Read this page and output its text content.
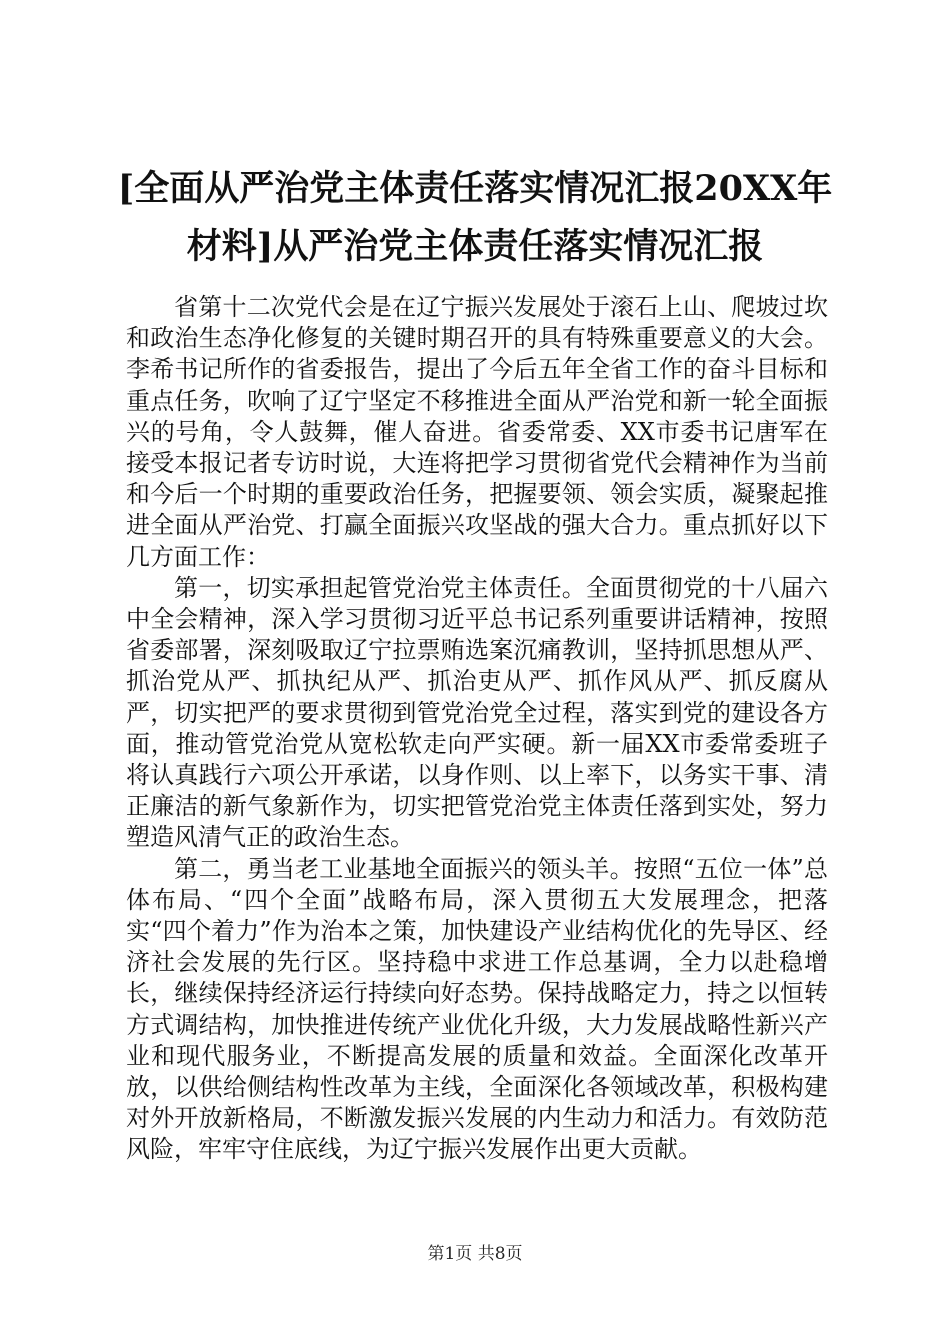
[全面从严治党主体责任落实情况汇报20XX年材料]从严治党主体责任落实情况汇报

省第十二次党代会是在辽宁振兴发展处于滚石上山、爬坡过坎和政治生态净化修复的关键时期召开的具有特殊重要意义的大会。李希书记所作的省委报告，提出了今后五年全省工作的奋斗目标和重点任务，吹响了辽宁坚定不移推进全面从严治党和新一轮全面振兴的号角，令人鼓舞，催人奋进。省委常委、XX市委书记唐军在接受本报记者专访时说，大连将把学习贯彻省党代会精神作为当前和今后一个时期的重要政治任务，把握要领、领会实质，凝聚起推进全面从严治党、打赢全面振兴攻坚战的强大合力。重点抓好以下几方面工作：

第一，切实承担起管党治党主体责任。全面贯彻党的十八届六中全会精神，深入学习贯彻习近平总书记系列重要讲话精神，按照省委部署，深刻吸取辽宁拉票贿选案沉痛教训，坚持抓思想从严、抓治党从严、抓执纪从严、抓治吏从严、抓作风从严、抓反腐从严，切实把严的要求贯彻到管党治党全过程，落实到党的建设各方面，推动管党治党从宽松软走向严实硬。新一届XX市委常委班子将认真践行六项公开承诺，以身作则、以上率下，以务实干事、清正廉洁的新气象新作为，切实把管党治党主体责任落到实处，努力塑造风清气正的政治生态。

第二，勇当老工业基地全面振兴的领头羊。按照“五位一体”总体布局、“四个全面”战略布局，深入贯彻五大发展理念，把落实“四个着力”作为治本之策，加快建设产业结构优化的先导区、经济社会发展的先行区。坚持稳中求进工作总基调，全力以赴稳增长，继续保持经济运行持续向好态势。保持战略定力，持之以恒转方式调结构，加快推进传统产业优化升级，大力发展战略性新兴产业和现代服务业，不断提高发展的质量和效益。全面深化改革开放，以供给侧结构性改革为主线，全面深化各领域改革，积极构建对外开放新格局，不断激发振兴发展的内生动力和活力。有效防范风险，牢牢守住底线，为辽宁振兴发展作出更大贡献。

第1页 共8页
